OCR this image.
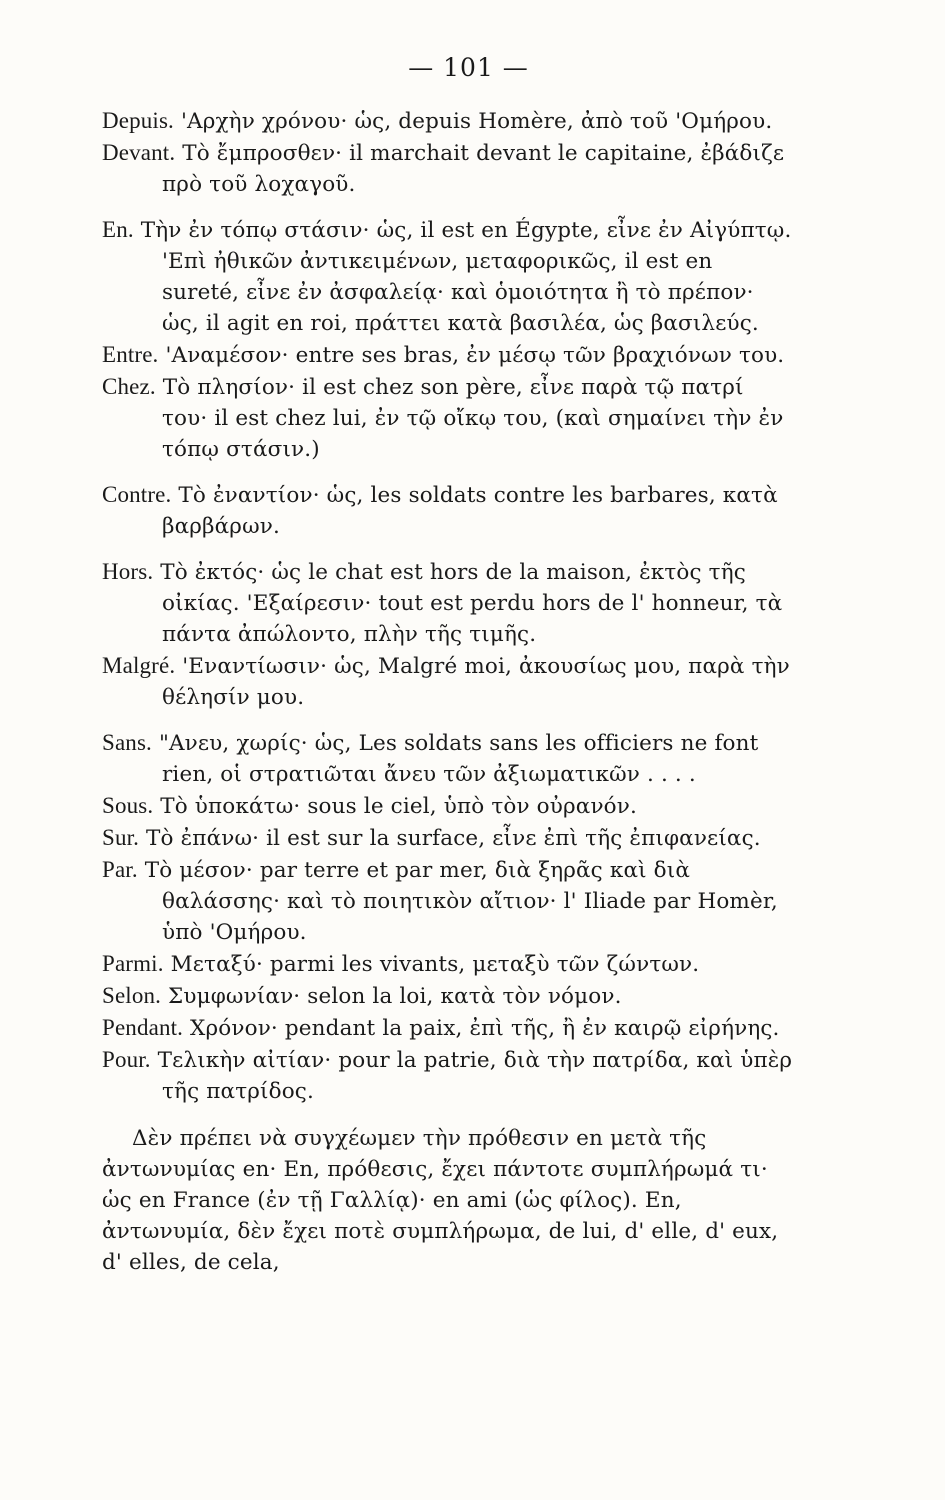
— 101 —

Depuis. 'Αρχὴν χρόνου· ὡς, depuis Homère, ἀπὸ τοῦ 'Ομήρου.

Devant. Τὸ ἔμπροσθεν· il marchait devant le capitaine, ἐβάδιζε πρὸ τοῦ λοχαγοῦ.

En. Τὴν ἐν τόπῳ στάσιν· ὡς, il est en Égypte, εἶνε ἐν Αἰγύπτῳ. 'Επὶ ἠθικῶν ἀντικειμένων, μεταφορικῶς, il est en sureté, εἶνε ἐν ἀσφαλείᾳ· καὶ ὁμοιότητα ἢ τὸ πρέπον· ὡς, il agit en roi, πράττει κατὰ βασιλέα, ὡς βασιλεύς.

Entre. 'Αναμέσον· entre ses bras, ἐν μέσῳ τῶν βραχιόνων του.

Chez. Τὸ πλησίον· il est chez son père, εἶνε παρὰ τῷ πατρί του· il est chez lui, ἐν τῷ οἴκῳ του, (καὶ σημαίνει τὴν ἐν τόπῳ στάσιν.)

Contre. Τὸ ἐναντίον· ὡς, les soldats contre les barbares, κατὰ βαρβάρων.

Hors. Τὸ ἐκτός· ὡς le chat est hors de la maison, ἐκτὸς τῆς οἰκίας. 'Εξαίρεσιν· tout est perdu hors de l' honneur, τὰ πάντα ἀπώλοντο, πλὴν τῆς τιμῆς.

Malgré. 'Εναντίωσιν· ὡς, Malgré moi, ἀκουσίως μου, παρὰ τὴν θέλησίν μου.

Sans. "Ανευ, χωρίς· ὡς, Les soldats sans les officiers ne font rien, οἱ στρατιῶται ἄνευ τῶν ἀξιωματικῶν . . . .

Sous. Τὸ ὑποκάτω· sous le ciel, ὑπὸ τὸν οὐρανόν.

Sur. Τὸ ἐπάνω· il est sur la surface, εἶνε ἐπὶ τῆς ἐπιφανείας.

Par. Τὸ μέσον· par terre et par mer, διὰ ξηρᾶς καὶ διὰ θαλάσσης· καὶ τὸ ποιητικὸν αἴτιον· l' Iliade par Homèr, ὑπὸ 'Ομήρου.

Parmi. Μεταξύ· parmi les vivants, μεταξὺ τῶν ζώντων.

Selon. Συμφωνίαν· selon la loi, κατὰ τὸν νόμον.

Pendant. Χρόνον· pendant la paix, ἐπὶ τῆς, ἢ ἐν καιρῷ εἰρήνης.

Pour. Τελικὴν αἰτίαν· pour la patrie, διὰ τὴν πατρίδα, καὶ ὑπὲρ τῆς πατρίδος.

Δὲν πρέπει νὰ συγχέωμεν τὴν πρόθεσιν en μετὰ τῆς ἀντωνυμίας en· En, πρόθεσις, ἔχει πάντοτε συμπλήρωμά τι· ὡς en France (ἐν τῇ Γαλλίᾳ)· en ami (ὡς φίλος). En, ἀντωνυμία, δὲν ἔχει ποτὲ συμπλήρωμα, de lui, d' elle, d' eux, d' elles, de cela,
